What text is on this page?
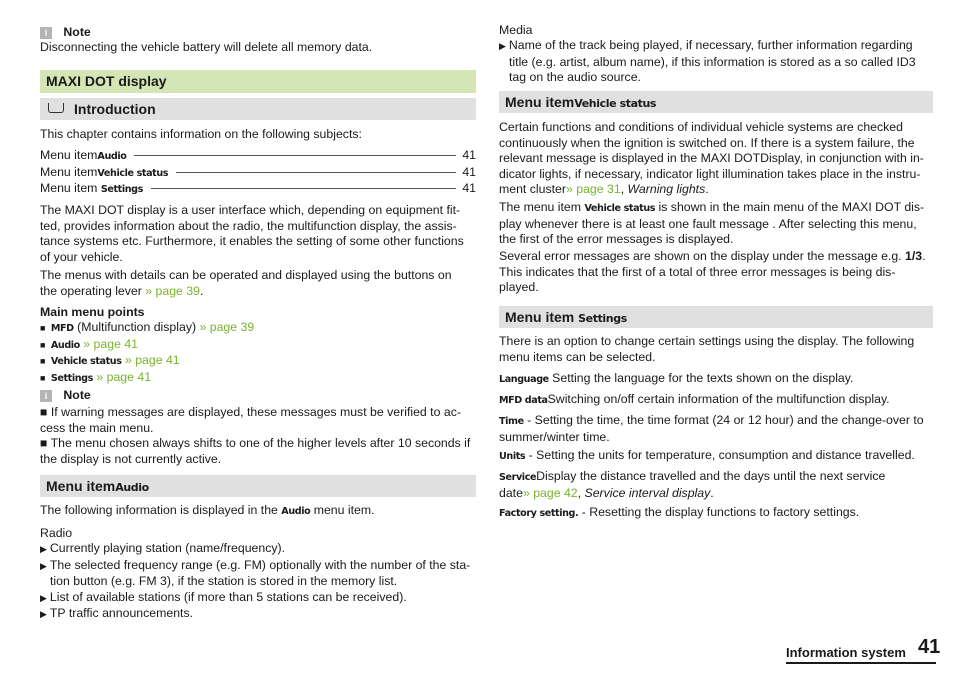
i Note

Disconnecting the vehicle battery will delete all memory data.

MAXI DOT display
Introduction

This chapter contains information on the following subjects:

Menu item Audio	41
Menu item Vehicle status	41
Menu item Settings	41

The MAXI DOT display is a user interface which, depending on equipment fit-

ted, provides information about the radio, the multifunction display, the assis-

tance systems etc. Furthermore, it enables the setting of some other functions

of your vehicle.

The menus with details can be operated and displayed using the buttons on

the operating lever » page 39.

Main menu points

■ MFD (Multifunction display) » page 39

■ Audio » page 41

■ Vehicle status » page 41

■ Settings » page 41

i Note

■ If warning messages are displayed, these messages must be verified to ac-

cess the main menu.

■ The menu chosen always shifts to one of the higher levels after 10 seconds if

the display is not currently active.

Menu itemAudio

The following information is displayed in the Audio menu item.

Radio

▶ Currently playing station (name/frequency).

▶ The selected frequency range (e.g. FM) optionally with the number of the sta-

tion button (e.g. FM 3), if the station is stored in the memory list.

▶ List of available stations (if more than 5 stations can be received).

▶ TP traffic announcements.

Media

▶ Name of the track being played, if necessary, further information regarding

title (e.g. artist, album name), if this information is stored as a so called ID3

tag on the audio source.

Menu itemVehicle status

Certain functions and conditions of individual vehicle systems are checked

continuously when the ignition is switched on. If there is a system failure, the

relevant message is displayed in the MAXI DOTDisplay, in conjunction with in-

dicator lights, if necessary, indicator light illumination takes place in the instru-

ment cluster» page 31, Warning lights.

The menu item Vehicle status is shown in the main menu of the MAXI DOT dis-

play whenever there is at least one fault message . After selecting this menu,

the first of the error messages is displayed.

Several error messages are shown on the display under the message e.g. 1/3.

This indicates that the first of a total of three error messages is being dis-

played.

Menu item Settings

There is an option to change certain settings using the display. The following

menu items can be selected.

Language Setting the language for the texts shown on the display.

MFD dataSwitching on/off certain information of the multifunction display.

Time - Setting the time, the time format (24 or 12 hour) and the change-over to

summer/winter time.

Units - Setting the units for temperature, consumption and distance travelled.

ServiceDisplay the distance travelled and the days until the next service

date» page 42, Service interval display.

Factory setting. - Resetting the display functions to factory settings.

Information system 41
